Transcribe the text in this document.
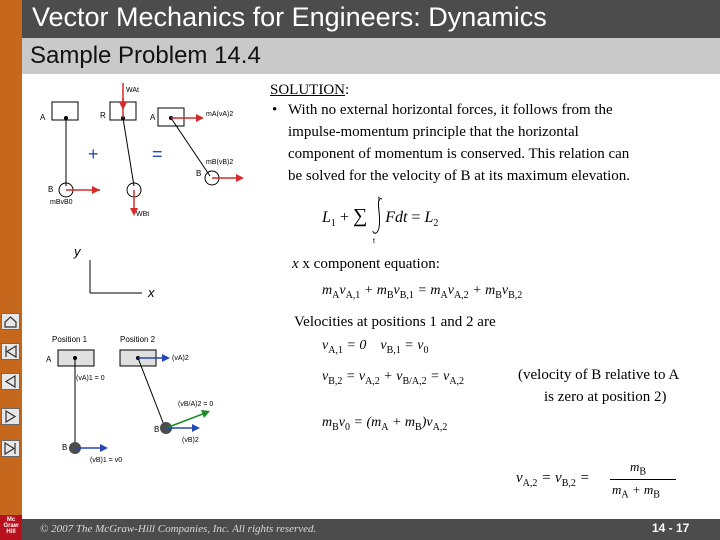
Vector Mechanics for Engineers: Dynamics
Sample Problem 14.4
Mc
Graw
Hill
A
B
mBvB0
+
WAt
R
WBt
=
A
B
mA(vA)2
mB(vB)2
y
x
Position 1	Position 2
A
B
(vA)1 = 0
(vB)1 = v0
B
(vA)2
(vB/A)2 = 0
(vB)2
SOLUTION:
• With no external horizontal forces, it follows from the
impulse-momentum principle that the horizontal
component of momentum is conserved. This relation can
be solved for the velocity of B at its maximum elevation.
$L_1$ + ∑ Fdt = $L_2$
t
t
x x component equation:
$m_Av_{A,1} + m_Bv_{B,1} = m_Av_{A,2} + m_Bv_{B,2}$
Velocities at positions 1 and 2 are
$v_{A,1} = 0$    $v_{B,1} = v_0$
$v_{B,2} = v_{A,2} + v_{B/A,2} = v_{A,2}$	(velocity of B relative to A
is zero at position 2)
$m_Bv_0 = (m_A + m_B)v_{A,2}$
$v_{A,2} = v_{B,2}$ =
$m_B$
$m_A + m_B$
© 2007 The McGraw-Hill Companies, Inc. All rights reserved.	14 - 17
